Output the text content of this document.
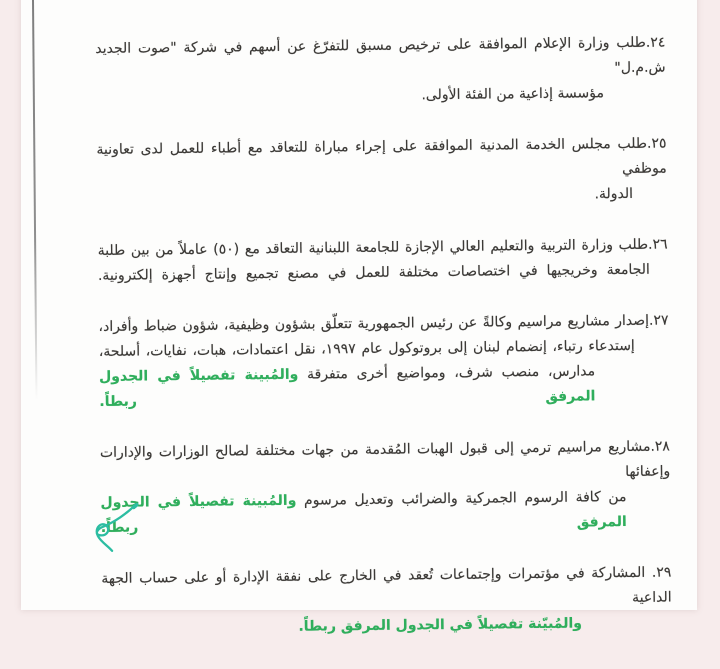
٢٤.طلب وزارة الإعلام الموافقة على ترخيص مسبق للتفرّغ عن أسهم في شركة "صوت الجديد ش.م.ل"
مؤسسة إذاعية من الفئة الأولى.
٢٥.طلب مجلس الخدمة المدنية الموافقة على إجراء مباراة للتعاقد مع أطباء للعمل لدى تعاونية موظفي
الدولة.
٢٦.طلب وزارة التربية والتعليم العالي الإجازة للجامعة اللبنانية التعاقد مع (٥٠) عاملاً من بين طلبة
الجامعة وخريجيها في اختصاصات مختلفة للعمل في مصنع تجميع وإنتاج أجهزة إلكترونية.
٢٧.إصدار مشاريع مراسيم وكالةً عن رئيس الجمهورية تتعلّق بشؤون وظيفية، شؤون ضباط وأفراد،
إستدعاء رتباء، إنضمام لبنان إلى بروتوكول عام ١٩٩٧، نقل اعتمادات، هبات، نفايات، أسلحة،
مدارس، منصب شرف، ومواضيع أخرى متفرقة والمُبينة تفصيلاً في الجدول المرفق ربطاً.
٢٨.مشاريع مراسيم ترمي إلى قبول الهبات المُقدمة من جهات مختلفة لصالح الوزارات والإدارات وإعفائها
من كافة الرسوم الجمركية والضرائب وتعديل مرسوم والمُبينة تفصيلاً في الجدول المرفق ربطاً.
٢٩. المشاركة في مؤتمرات وإجتماعات تُعقد في الخارج على نفقة الإدارة أو على حساب الجهة الداعية
والمُبيّنة تفصيلاً في الجدول المرفق ربطاً.
